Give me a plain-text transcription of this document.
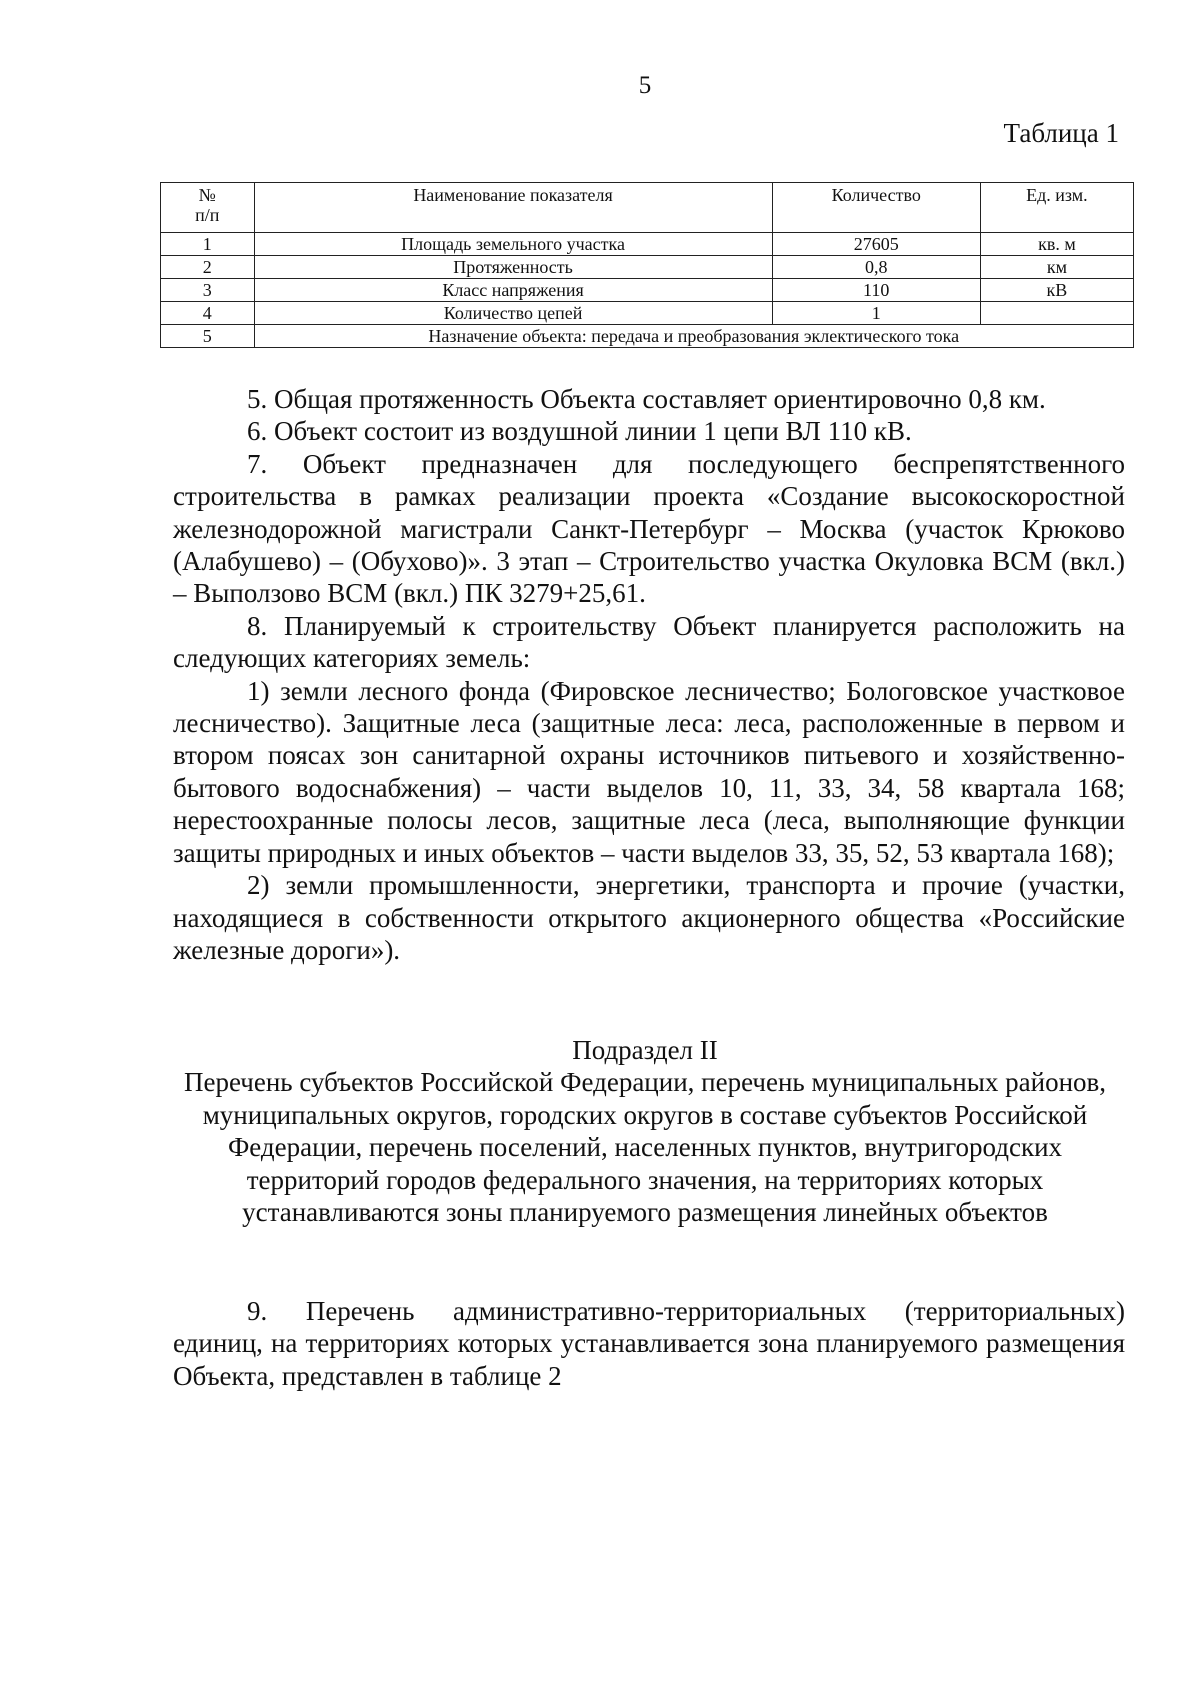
5
Таблица 1
№
п/п	Наименование показателя	Количество	Ед. изм.
1	Площадь земельного участка	27605	кв. м
2	Протяженность	0,8	км
3	Класс напряжения	110	кВ
4	Количество цепей	1	
5	Назначение объекта: передача и преобразования эклектического тока		

5. Общая протяженность Объекта составляет ориентировочно 0,8 км.

6. Объект состоит из воздушной линии 1 цепи ВЛ 110 кВ.

7. Объект предназначен для последующего беспрепятственного строительства в рамках реализации проекта «Создание высокоскоростной железнодорожной магистрали Санкт-Петербург – Москва (участок Крюково (Алабушево) – (Обухово)». 3 этап – Строительство участка Окуловка ВСМ (вкл.) – Выползово ВСМ (вкл.) ПК 3279+25,61.

8. Планируемый к строительству Объект планируется расположить на следующих категориях земель:

1) земли лесного фонда (Фировское лесничество; Бологовское участковое лесничество). Защитные леса (защитные леса: леса, расположенные в первом и втором поясах зон санитарной охраны источников питьевого и хозяйственно-бытового водоснабжения) – части выделов 10, 11, 33, 34, 58 квартала 168; нерестоохранные полосы лесов, защитные леса (леса, выполняющие функции защиты природных и иных объектов – части выделов 33, 35, 52, 53 квартала 168);

2) земли промышленности, энергетики, транспорта и прочие (участки, находящиеся в собственности открытого акционерного общества «Российские железные дороги»).

Подраздел II

Перечень субъектов Российской Федерации, перечень муниципальных районов, муниципальных округов, городских округов в составе субъектов Российской Федерации, перечень поселений, населенных пунктов, внутригородских территорий городов федерального значения, на территориях которых устанавливаются зоны планируемого размещения линейных объектов

9. Перечень административно-территориальных (территориальных) единиц, на территориях которых устанавливается зона планируемого размещения Объекта, представлен в таблице 2
